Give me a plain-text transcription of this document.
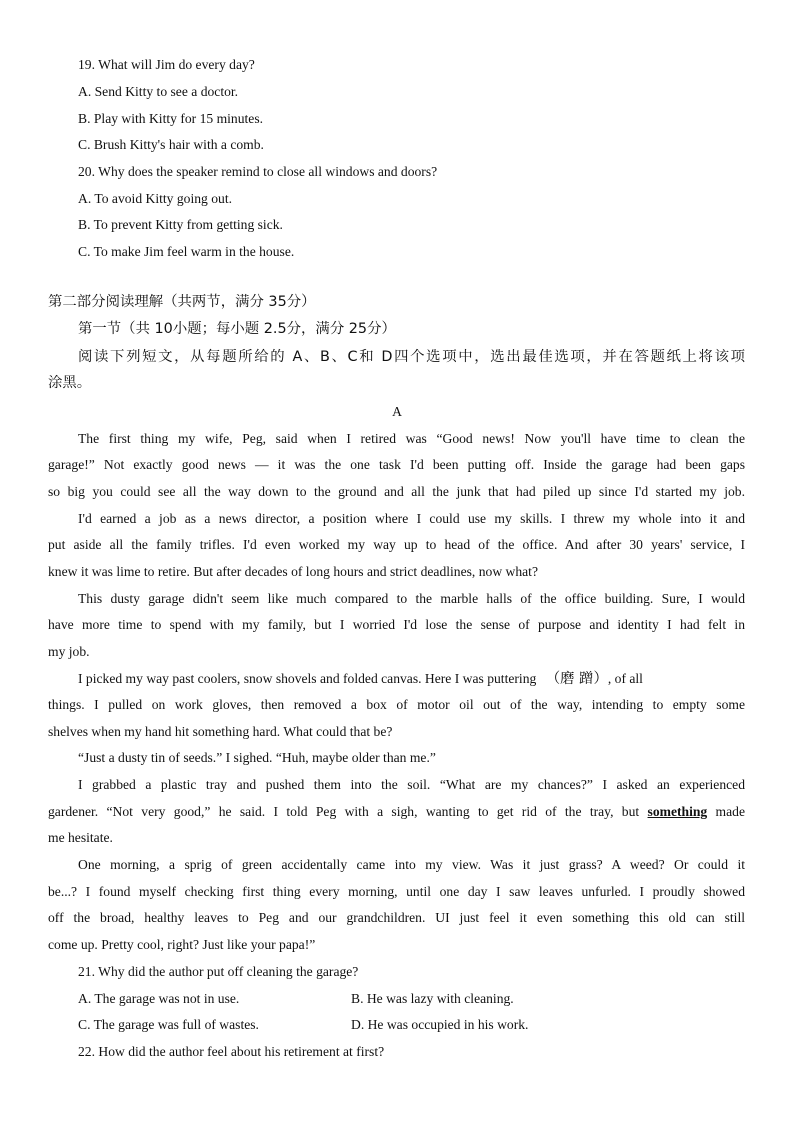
19. What will Jim do every day?
A. Send Kitty to see a doctor.
B. Play with Kitty for 15 minutes.
C. Brush Kitty's hair with a comb.
20. Why does the speaker remind to close all windows and doors?
A. To avoid Kitty going out.
B. To prevent Kitty from getting sick.
C. To make Jim feel warm in the house.
第二部分阅读理解（共两节，满分 35分）
第一节（共 10小题；每小题 2.5分，满分 25分）
阅读下列短文，从每题所给的 A、B、C和 D四个选项中，选出最佳选项，并在答题纸上将该项
涂黑。
A
The first thing my wife, Peg, said when I retired was “Good news! Now you'll have time to clean the
garage!” Not exactly good news — it was the one task I'd been putting off. Inside the garage had been gaps
so big you could see all the way down to the ground and all the junk that had piled up since I'd started my job.
I'd earned a job as a news director, a position where I could use my skills. I threw my whole into it and
put aside all the family trifles. I'd even worked my way up to head of the office. And after 30 years' service, I
knew it was lime to retire. But after decades of long hours and strict deadlines, now what?
This dusty garage didn't seem like much compared to the marble halls of the office building. Sure, I would
have more time to spend with my family, but I worried I'd lose the sense of purpose and identity I had felt in
my job.
I picked my way past coolers, snow shovels and folded canvas. Here I was puttering （磨 蹭）, of all
things. I pulled on work gloves, then removed a box of motor oil out of the way, intending to empty some
shelves when my hand hit something hard. What could that be?
“Just a dusty tin of seeds.” I sighed. “Huh, maybe older than me.”
I grabbed a plastic tray and pushed them into the soil. “What are my chances?” I asked an experienced
gardener. “Not very good,” he said. I told Peg with a sigh, wanting to get rid of the tray, but something made
me hesitate.
One morning, a sprig of green accidentally came into my view. Was it just grass? A weed? Or could it
be...? I found myself checking first thing every morning, until one day I saw leaves unfurled. I proudly showed
off the broad, healthy leaves to Peg and our grandchildren. UI just feel it even something this old can still
come up. Pretty cool, right? Just like your papa!”
21. Why did the author put off cleaning the garage?
A. The garage was not in use.	B. He was lazy with cleaning.
C. The garage was full of wastes.	D. He was occupied in his work.
22. How did the author feel about his retirement at first?
